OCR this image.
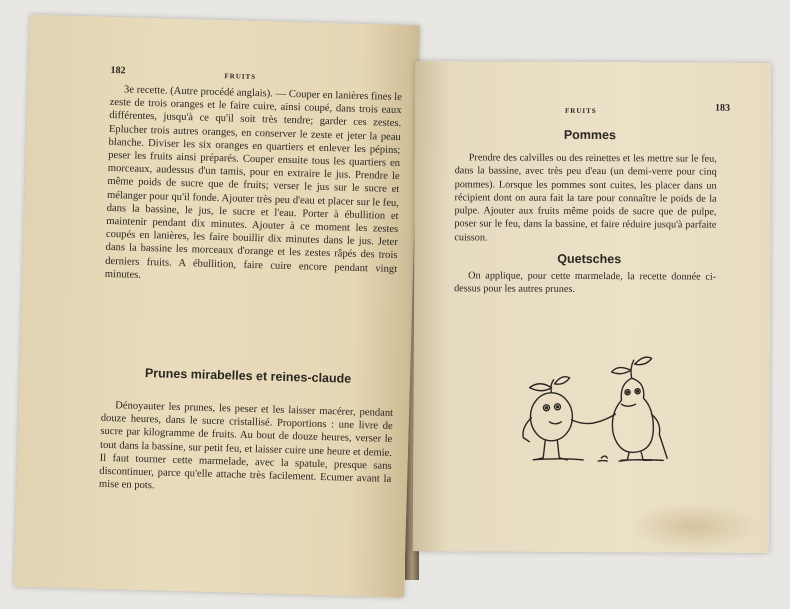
182
FRUITS

3e recette. (Autre procédé anglais). — Couper en lanières fines le zeste de trois oranges et le faire cuire, ainsi coupé, dans trois eaux différentes, jusqu'à ce qu'il soit très tendre; garder ces zestes. Eplucher trois autres oranges, en conserver le zeste et jeter la peau blanche. Diviser les six oranges en quartiers et enlever les pépins; peser les fruits ainsi préparés. Couper ensuite tous les quartiers en morceaux, audessus d'un tamis, pour en extraire le jus. Prendre le même poids de sucre que de fruits; verser le jus sur le sucre et mélanger pour qu'il fonde. Ajouter très peu d'eau et placer sur le feu, dans la bassine, le jus, le sucre et l'eau. Porter à ébullition et maintenir pendant dix minutes. Ajouter à ce moment les zestes coupés en lanières, les faire bouillir dix minutes dans le jus. Jeter dans la bassine les morceaux d'orange et les zestes râpés des trois derniers fruits. A ébullition, faire cuire encore pendant vingt minutes.

Prunes mirabelles et reines-claude

Dénoyauter les prunes, les peser et les laisser macérer, pendant douze heures, dans le sucre cristallisé. Proportions : une livre de sucre par kilogramme de fruits. Au bout de douze heures, verser le tout dans la bassine, sur petit feu, et laisser cuire une heure et demie. Il faut tourner cette marmelade, avec la spatule, presque sans discontinuer, parce qu'elle attache très facilement. Ecumer avant la mise en pots.

FRUITS	183
Pommes

Prendre des calvilles ou des reinettes et les mettre sur le feu, dans la bassine, avec très peu d'eau (un demi-verre pour cinq pommes). Lorsque les pommes sont cuites, les placer dans un récipient dont on aura fait la tare pour connaître le poids de la pulpe. Ajouter aux fruits même poids de sucre que de pulpe, poser sur le feu, dans la bassine, et faire réduire jusqu'à parfaite cuisson.

Quetsches

On applique, pour cette marmelade, la recette donnée ci-dessus pour les autres prunes.
